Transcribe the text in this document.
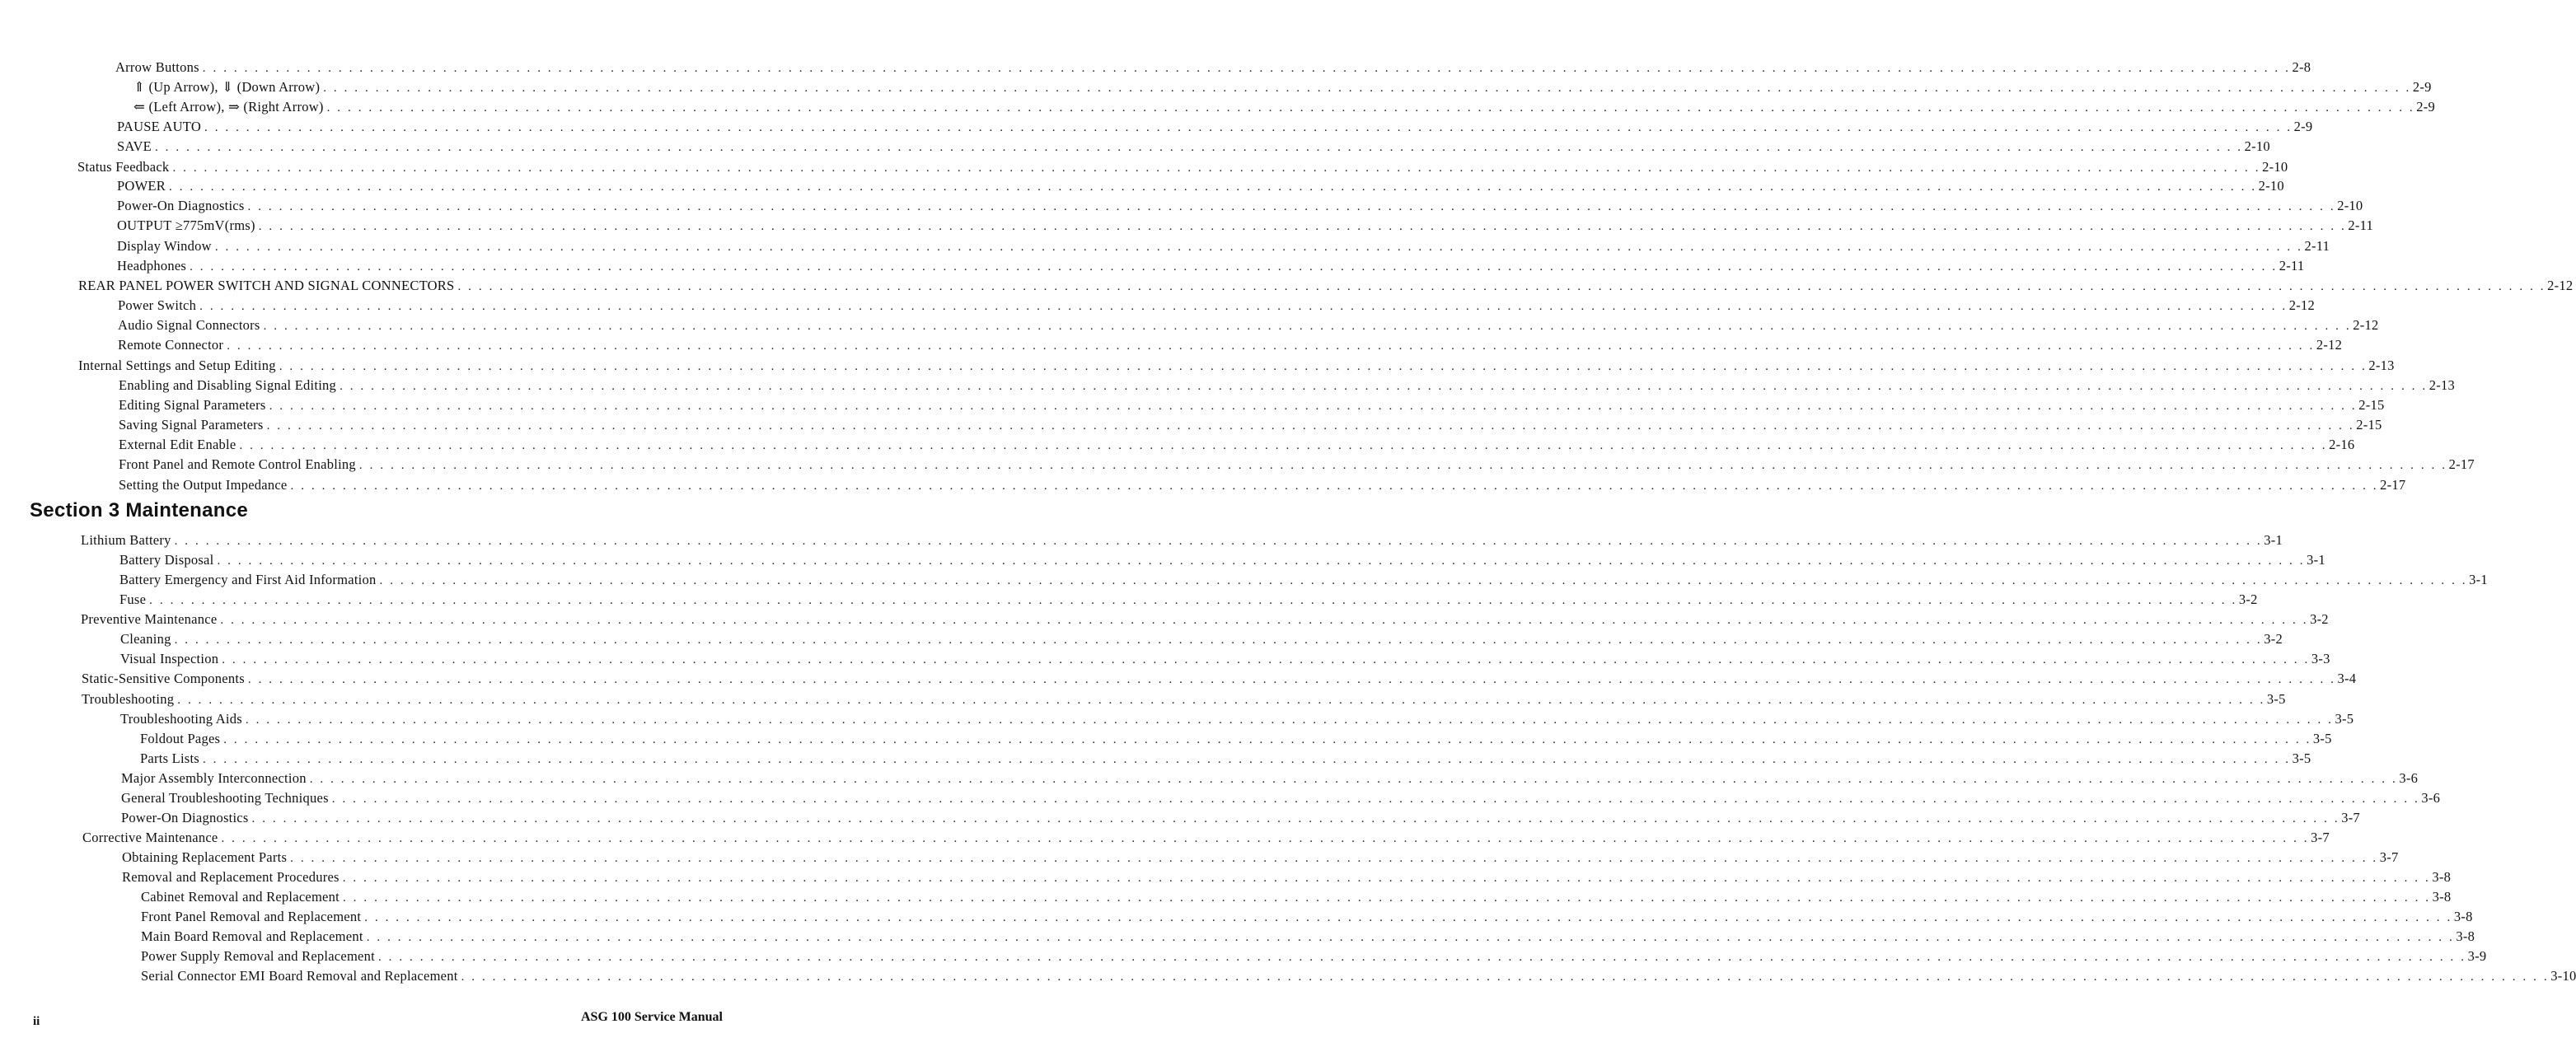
Arrow Buttons . . . . . . . . . . . . . . . . . . . . . . . . . . . . . . . . . . . . . . . . . . . . . . . . . . . . . . . . . . . . . . . . . . . . . . . . . . . . . . . . . . . . . . . . . . . . . . . . . . . . . . . . . . . . . . . . . . . . . . . . . . . . . . . . . . . . . . . . . . . . . . . . . . . . . . . . . . . . . . . . . . . . . . . . . . . . . . . . . . . . . . . . . . . . . . . . . . . . . . . . 2-8
⇑ (Up Arrow), ⇓ (Down Arrow) . . . . . . . . . . . . . . . . . . . . . . . . . . . . . . . . . . . . . . . . . . . . . . . . . . . . . . . . . . . . . . . . . . . . . . . . . . . . . . . . . . . . . . . . . . . . . . . . . . . . . . . . . . . . . . . . . . . . . . . . . . . . . . . . . . . . . . . . . . . . . . . . . . . . . . . . . . . . . . . . . . . . . . . . . . . . . . . . . . . . . . . . . . . . . . . . . . . . . . . . 2-9
⇐ (Left Arrow), ⇒ (Right Arrow) . . . . . . . . . . . . . . . . . . . . . . . . . . . . . . . . . . . . . . . . . . . . . . . . . . . . . . . . . . . . . . . . . . . . . . . . . . . . . . . . . . . . . . . . . . . . . . . . . . . . . . . . . . . . . . . . . . . . . . . . . . . . . . . . . . . . . . . . . . . . . . . . . . . . . . . . . . . . . . . . . . . . . . . . . . . . . . . . . . . . . . . . . . . . . . . . . . . . . . . . 2-9
PAUSE AUTO . . . . . . . . . . . . . . . . . . . . . . . . . . . . . . . . . . . . . . . . . . . . . . . . . . . . . . . . . . . . . . . . . . . . . . . . . . . . . . . . . . . . . . . . . . . . . . . . . . . . . . . . . . . . . . . . . . . . . . . . . . . . . . . . . . . . . . . . . . . . . . . . . . . . . . . . . . . . . . . . . . . . . . . . . . . . . . . . . . . . . . . . . . . . . . . . . . . . . . . . 2-9
SAVE . . . . . . . . . . . . . . . . . . . . . . . . . . . . . . . . . . . . . . . . . . . . . . . . . . . . . . . . . . . . . . . . . . . . . . . . . . . . . . . . . . . . . . . . . . . . . . . . . . . . . . . . . . . . . . . . . . . . . . . . . . . . . . . . . . . . . . . . . . . . . . . . . . . . . . . . . . . . . . . . . . . . . . . . . . . . . . . . . . . . . . . . . . . . . . . . . . . . . . . . 2-10
Status Feedback . . . . . . . . . . . . . . . . . . . . . . . . . . . . . . . . . . . . . . . . . . . . . . . . . . . . . . . . . . . . . . . . . . . . . . . . . . . . . . . . . . . . . . . . . . . . . . . . . . . . . . . . . . . . . . . . . . . . . . . . . . . . . . . . . . . . . . . . . . . . . . . . . . . . . . . . . . . . . . . . . . . . . . . . . . . . . . . . . . . . . . . . . . . . . . . . . . . . . . . . 2-10
POWER . . . . . . . . . . . . . . . . . . . . . . . . . . . . . . . . . . . . . . . . . . . . . . . . . . . . . . . . . . . . . . . . . . . . . . . . . . . . . . . . . . . . . . . . . . . . . . . . . . . . . . . . . . . . . . . . . . . . . . . . . . . . . . . . . . . . . . . . . . . . . . . . . . . . . . . . . . . . . . . . . . . . . . . . . . . . . . . . . . . . . . . . . . . . . . . . . . . . . . . . 2-10
Power-On Diagnostics . . . . . . . . . . . . . . . . . . . . . . . . . . . . . . . . . . . . . . . . . . . . . . . . . . . . . . . . . . . . . . . . . . . . . . . . . . . . . . . . . . . . . . . . . . . . . . . . . . . . . . . . . . . . . . . . . . . . . . . . . . . . . . . . . . . . . . . . . . . . . . . . . . . . . . . . . . . . . . . . . . . . . . . . . . . . . . . . . . . . . . . . . . . . . . . . . . . . . . . . 2-10
OUTPUT ≥775mV(rms) . . . . . . . . . . . . . . . . . . . . . . . . . . . . . . . . . . . . . . . . . . . . . . . . . . . . . . . . . . . . . . . . . . . . . . . . . . . . . . . . . . . . . . . . . . . . . . . . . . . . . . . . . . . . . . . . . . . . . . . . . . . . . . . . . . . . . . . . . . . . . . . . . . . . . . . . . . . . . . . . . . . . . . . . . . . . . . . . . . . . . . . . . . . . . . . . . . . . . . . . 2-11
Display Window . . . . . . . . . . . . . . . . . . . . . . . . . . . . . . . . . . . . . . . . . . . . . . . . . . . . . . . . . . . . . . . . . . . . . . . . . . . . . . . . . . . . . . . . . . . . . . . . . . . . . . . . . . . . . . . . . . . . . . . . . . . . . . . . . . . . . . . . . . . . . . . . . . . . . . . . . . . . . . . . . . . . . . . . . . . . . . . . . . . . . . . . . . . . . . . . . . . . . . . . 2-11
Headphones . . . . . . . . . . . . . . . . . . . . . . . . . . . . . . . . . . . . . . . . . . . . . . . . . . . . . . . . . . . . . . . . . . . . . . . . . . . . . . . . . . . . . . . . . . . . . . . . . . . . . . . . . . . . . . . . . . . . . . . . . . . . . . . . . . . . . . . . . . . . . . . . . . . . . . . . . . . . . . . . . . . . . . . . . . . . . . . . . . . . . . . . . . . . . . . . . . . . . . . . 2-11
REAR PANEL POWER SWITCH AND SIGNAL CONNECTORS . . . . . . . . . . . . . . . . . . . . . . . . . . . . . . . . . . . . . . . . . . . . . . . . . . . . . . . . . . . . . . . . . . . . . . . . . . . . . . . . . . . . . . . . . . . . . . . . . . . . . . . . . . . . . . . . . . . . . . . . . . . . . . . . . . . . . . . . . . . . . . . . . . . . . . . . . . . . . . . . . . . . . . . . . . . . . . . . . . . . . . . . . . . . . . . . . . . . . . . . 2-12
Power Switch . . . . . . . . . . . . . . . . . . . . . . . . . . . . . . . . . . . . . . . . . . . . . . . . . . . . . . . . . . . . . . . . . . . . . . . . . . . . . . . . . . . . . . . . . . . . . . . . . . . . . . . . . . . . . . . . . . . . . . . . . . . . . . . . . . . . . . . . . . . . . . . . . . . . . . . . . . . . . . . . . . . . . . . . . . . . . . . . . . . . . . . . . . . . . . . . . . . . . . . . 2-12
Audio Signal Connectors . . . . . . . . . . . . . . . . . . . . . . . . . . . . . . . . . . . . . . . . . . . . . . . . . . . . . . . . . . . . . . . . . . . . . . . . . . . . . . . . . . . . . . . . . . . . . . . . . . . . . . . . . . . . . . . . . . . . . . . . . . . . . . . . . . . . . . . . . . . . . . . . . . . . . . . . . . . . . . . . . . . . . . . . . . . . . . . . . . . . . . . . . . . . . . . . . . . . . . . . 2-12
Remote Connector . . . . . . . . . . . . . . . . . . . . . . . . . . . . . . . . . . . . . . . . . . . . . . . . . . . . . . . . . . . . . . . . . . . . . . . . . . . . . . . . . . . . . . . . . . . . . . . . . . . . . . . . . . . . . . . . . . . . . . . . . . . . . . . . . . . . . . . . . . . . . . . . . . . . . . . . . . . . . . . . . . . . . . . . . . . . . . . . . . . . . . . . . . . . . . . . . . . . . . . . 2-12
Internal Settings and Setup Editing . . . . . . . . . . . . . . . . . . . . . . . . . . . . . . . . . . . . . . . . . . . . . . . . . . . . . . . . . . . . . . . . . . . . . . . . . . . . . . . . . . . . . . . . . . . . . . . . . . . . . . . . . . . . . . . . . . . . . . . . . . . . . . . . . . . . . . . . . . . . . . . . . . . . . . . . . . . . . . . . . . . . . . . . . . . . . . . . . . . . . . . . . . . . . . . . . . . . . . . . 2-13
Enabling and Disabling Signal Editing . . . . . . . . . . . . . . . . . . . . . . . . . . . . . . . . . . . . . . . . . . . . . . . . . . . . . . . . . . . . . . . . . . . . . . . . . . . . . . . . . . . . . . . . . . . . . . . . . . . . . . . . . . . . . . . . . . . . . . . . . . . . . . . . . . . . . . . . . . . . . . . . . . . . . . . . . . . . . . . . . . . . . . . . . . . . . . . . . . . . . . . . . . . . . . . . . . . . . . . . 2-13
Editing Signal Parameters . . . . . . . . . . . . . . . . . . . . . . . . . . . . . . . . . . . . . . . . . . . . . . . . . . . . . . . . . . . . . . . . . . . . . . . . . . . . . . . . . . . . . . . . . . . . . . . . . . . . . . . . . . . . . . . . . . . . . . . . . . . . . . . . . . . . . . . . . . . . . . . . . . . . . . . . . . . . . . . . . . . . . . . . . . . . . . . . . . . . . . . . . . . . . . . . . . . . . . . . 2-15
Saving Signal Parameters . . . . . . . . . . . . . . . . . . . . . . . . . . . . . . . . . . . . . . . . . . . . . . . . . . . . . . . . . . . . . . . . . . . . . . . . . . . . . . . . . . . . . . . . . . . . . . . . . . . . . . . . . . . . . . . . . . . . . . . . . . . . . . . . . . . . . . . . . . . . . . . . . . . . . . . . . . . . . . . . . . . . . . . . . . . . . . . . . . . . . . . . . . . . . . . . . . . . . . . . 2-15
External Edit Enable . . . . . . . . . . . . . . . . . . . . . . . . . . . . . . . . . . . . . . . . . . . . . . . . . . . . . . . . . . . . . . . . . . . . . . . . . . . . . . . . . . . . . . . . . . . . . . . . . . . . . . . . . . . . . . . . . . . . . . . . . . . . . . . . . . . . . . . . . . . . . . . . . . . . . . . . . . . . . . . . . . . . . . . . . . . . . . . . . . . . . . . . . . . . . . . . . . . . . . . . 2-16
Front Panel and Remote Control Enabling . . . . . . . . . . . . . . . . . . . . . . . . . . . . . . . . . . . . . . . . . . . . . . . . . . . . . . . . . . . . . . . . . . . . . . . . . . . . . . . . . . . . . . . . . . . . . . . . . . . . . . . . . . . . . . . . . . . . . . . . . . . . . . . . . . . . . . . . . . . . . . . . . . . . . . . . . . . . . . . . . . . . . . . . . . . . . . . . . . . . . . . . . . . . . . . . . . . . . . . . 2-17
Setting the Output Impedance . . . . . . . . . . . . . . . . . . . . . . . . . . . . . . . . . . . . . . . . . . . . . . . . . . . . . . . . . . . . . . . . . . . . . . . . . . . . . . . . . . . . . . . . . . . . . . . . . . . . . . . . . . . . . . . . . . . . . . . . . . . . . . . . . . . . . . . . . . . . . . . . . . . . . . . . . . . . . . . . . . . . . . . . . . . . . . . . . . . . . . . . . . . . . . . . . . . . . . . . 2-17
Section 3 Maintenance
Lithium Battery . . . . . . . . . . . . . . . . . . . . . . . . . . . . . . . . . . . . . . . . . . . . . . . . . . . . . . . . . . . . . . . . . . . . . . . . . . . . . . . . . . . . . . . . . . . . . . . . . . . . . . . . . . . . . . . . . . . . . . . . . . . . . . . . . . . . . . . . . . . . . . . . . . . . . . . . . . . . . . . . . . . . . . . . . . . . . . . . . . . . . . . . . . . . . . . . . . . . . . . . 3-1
Battery Disposal . . . . . . . . . . . . . . . . . . . . . . . . . . . . . . . . . . . . . . . . . . . . . . . . . . . . . . . . . . . . . . . . . . . . . . . . . . . . . . . . . . . . . . . . . . . . . . . . . . . . . . . . . . . . . . . . . . . . . . . . . . . . . . . . . . . . . . . . . . . . . . . . . . . . . . . . . . . . . . . . . . . . . . . . . . . . . . . . . . . . . . . . . . . . . . . . . . . . . . . . 3-1
Battery Emergency and First Aid Information . . . . . . . . . . . . . . . . . . . . . . . . . . . . . . . . . . . . . . . . . . . . . . . . . . . . . . . . . . . . . . . . . . . . . . . . . . . . . . . . . . . . . . . . . . . . . . . . . . . . . . . . . . . . . . . . . . . . . . . . . . . . . . . . . . . . . . . . . . . . . . . . . . . . . . . . . . . . . . . . . . . . . . . . . . . . . . . . . . . . . . . . . . . . . . . . . . . . . . . . 3-1
Fuse . . . . . . . . . . . . . . . . . . . . . . . . . . . . . . . . . . . . . . . . . . . . . . . . . . . . . . . . . . . . . . . . . . . . . . . . . . . . . . . . . . . . . . . . . . . . . . . . . . . . . . . . . . . . . . . . . . . . . . . . . . . . . . . . . . . . . . . . . . . . . . . . . . . . . . . . . . . . . . . . . . . . . . . . . . . . . . . . . . . . . . . . . . . . . . . . . . . . . . . . 3-2
Preventive Maintenance . . . . . . . . . . . . . . . . . . . . . . . . . . . . . . . . . . . . . . . . . . . . . . . . . . . . . . . . . . . . . . . . . . . . . . . . . . . . . . . . . . . . . . . . . . . . . . . . . . . . . . . . . . . . . . . . . . . . . . . . . . . . . . . . . . . . . . . . . . . . . . . . . . . . . . . . . . . . . . . . . . . . . . . . . . . . . . . . . . . . . . . . . . . . . . . . . . . . . . . . 3-2
Cleaning . . . . . . . . . . . . . . . . . . . . . . . . . . . . . . . . . . . . . . . . . . . . . . . . . . . . . . . . . . . . . . . . . . . . . . . . . . . . . . . . . . . . . . . . . . . . . . . . . . . . . . . . . . . . . . . . . . . . . . . . . . . . . . . . . . . . . . . . . . . . . . . . . . . . . . . . . . . . . . . . . . . . . . . . . . . . . . . . . . . . . . . . . . . . . . . . . . . . . . . . 3-2
Visual Inspection . . . . . . . . . . . . . . . . . . . . . . . . . . . . . . . . . . . . . . . . . . . . . . . . . . . . . . . . . . . . . . . . . . . . . . . . . . . . . . . . . . . . . . . . . . . . . . . . . . . . . . . . . . . . . . . . . . . . . . . . . . . . . . . . . . . . . . . . . . . . . . . . . . . . . . . . . . . . . . . . . . . . . . . . . . . . . . . . . . . . . . . . . . . . . . . . . . . . . . . . 3-3
Static-Sensitive Components . . . . . . . . . . . . . . . . . . . . . . . . . . . . . . . . . . . . . . . . . . . . . . . . . . . . . . . . . . . . . . . . . . . . . . . . . . . . . . . . . . . . . . . . . . . . . . . . . . . . . . . . . . . . . . . . . . . . . . . . . . . . . . . . . . . . . . . . . . . . . . . . . . . . . . . . . . . . . . . . . . . . . . . . . . . . . . . . . . . . . . . . . . . . . . . . . . . . . . . . 3-4
Troubleshooting . . . . . . . . . . . . . . . . . . . . . . . . . . . . . . . . . . . . . . . . . . . . . . . . . . . . . . . . . . . . . . . . . . . . . . . . . . . . . . . . . . . . . . . . . . . . . . . . . . . . . . . . . . . . . . . . . . . . . . . . . . . . . . . . . . . . . . . . . . . . . . . . . . . . . . . . . . . . . . . . . . . . . . . . . . . . . . . . . . . . . . . . . . . . . . . . . . . . . . . . 3-5
Troubleshooting Aids . . . . . . . . . . . . . . . . . . . . . . . . . . . . . . . . . . . . . . . . . . . . . . . . . . . . . . . . . . . . . . . . . . . . . . . . . . . . . . . . . . . . . . . . . . . . . . . . . . . . . . . . . . . . . . . . . . . . . . . . . . . . . . . . . . . . . . . . . . . . . . . . . . . . . . . . . . . . . . . . . . . . . . . . . . . . . . . . . . . . . . . . . . . . . . . . . . . . . . . . 3-5
Foldout Pages . . . . . . . . . . . . . . . . . . . . . . . . . . . . . . . . . . . . . . . . . . . . . . . . . . . . . . . . . . . . . . . . . . . . . . . . . . . . . . . . . . . . . . . . . . . . . . . . . . . . . . . . . . . . . . . . . . . . . . . . . . . . . . . . . . . . . . . . . . . . . . . . . . . . . . . . . . . . . . . . . . . . . . . . . . . . . . . . . . . . . . . . . . . . . . . . . . . . . . . . 3-5
Parts Lists . . . . . . . . . . . . . . . . . . . . . . . . . . . . . . . . . . . . . . . . . . . . . . . . . . . . . . . . . . . . . . . . . . . . . . . . . . . . . . . . . . . . . . . . . . . . . . . . . . . . . . . . . . . . . . . . . . . . . . . . . . . . . . . . . . . . . . . . . . . . . . . . . . . . . . . . . . . . . . . . . . . . . . . . . . . . . . . . . . . . . . . . . . . . . . . . . . . . . . . . 3-5
Major Assembly Interconnection . . . . . . . . . . . . . . . . . . . . . . . . . . . . . . . . . . . . . . . . . . . . . . . . . . . . . . . . . . . . . . . . . . . . . . . . . . . . . . . . . . . . . . . . . . . . . . . . . . . . . . . . . . . . . . . . . . . . . . . . . . . . . . . . . . . . . . . . . . . . . . . . . . . . . . . . . . . . . . . . . . . . . . . . . . . . . . . . . . . . . . . . . . . . . . . . . . . . . . . . 3-6
General Troubleshooting Techniques . . . . . . . . . . . . . . . . . . . . . . . . . . . . . . . . . . . . . . . . . . . . . . . . . . . . . . . . . . . . . . . . . . . . . . . . . . . . . . . . . . . . . . . . . . . . . . . . . . . . . . . . . . . . . . . . . . . . . . . . . . . . . . . . . . . . . . . . . . . . . . . . . . . . . . . . . . . . . . . . . . . . . . . . . . . . . . . . . . . . . . . . . . . . . . . . . . . . . . . . 3-6
Power-On Diagnostics . . . . . . . . . . . . . . . . . . . . . . . . . . . . . . . . . . . . . . . . . . . . . . . . . . . . . . . . . . . . . . . . . . . . . . . . . . . . . . . . . . . . . . . . . . . . . . . . . . . . . . . . . . . . . . . . . . . . . . . . . . . . . . . . . . . . . . . . . . . . . . . . . . . . . . . . . . . . . . . . . . . . . . . . . . . . . . . . . . . . . . . . . . . . . . . . . . . . . . . . 3-7
Corrective Maintenance . . . . . . . . . . . . . . . . . . . . . . . . . . . . . . . . . . . . . . . . . . . . . . . . . . . . . . . . . . . . . . . . . . . . . . . . . . . . . . . . . . . . . . . . . . . . . . . . . . . . . . . . . . . . . . . . . . . . . . . . . . . . . . . . . . . . . . . . . . . . . . . . . . . . . . . . . . . . . . . . . . . . . . . . . . . . . . . . . . . . . . . . . . . . . . . . . . . . . . . . 3-7
Obtaining Replacement Parts . . . . . . . . . . . . . . . . . . . . . . . . . . . . . . . . . . . . . . . . . . . . . . . . . . . . . . . . . . . . . . . . . . . . . . . . . . . . . . . . . . . . . . . . . . . . . . . . . . . . . . . . . . . . . . . . . . . . . . . . . . . . . . . . . . . . . . . . . . . . . . . . . . . . . . . . . . . . . . . . . . . . . . . . . . . . . . . . . . . . . . . . . . . . . . . . . . . . . . . . 3-7
Removal and Replacement Procedures . . . . . . . . . . . . . . . . . . . . . . . . . . . . . . . . . . . . . . . . . . . . . . . . . . . . . . . . . . . . . . . . . . . . . . . . . . . . . . . . . . . . . . . . . . . . . . . . . . . . . . . . . . . . . . . . . . . . . . . . . . . . . . . . . . . . . . . . . . . . . . . . . . . . . . . . . . . . . . . . . . . . . . . . . . . . . . . . . . . . . . . . . . . . . . . . . . . . . . . . 3-8
Cabinet Removal and Replacement . . . . . . . . . . . . . . . . . . . . . . . . . . . . . . . . . . . . . . . . . . . . . . . . . . . . . . . . . . . . . . . . . . . . . . . . . . . . . . . . . . . . . . . . . . . . . . . . . . . . . . . . . . . . . . . . . . . . . . . . . . . . . . . . . . . . . . . . . . . . . . . . . . . . . . . . . . . . . . . . . . . . . . . . . . . . . . . . . . . . . . . . . . . . . . . . . . . . . . . . 3-8
Front Panel Removal and Replacement . . . . . . . . . . . . . . . . . . . . . . . . . . . . . . . . . . . . . . . . . . . . . . . . . . . . . . . . . . . . . . . . . . . . . . . . . . . . . . . . . . . . . . . . . . . . . . . . . . . . . . . . . . . . . . . . . . . . . . . . . . . . . . . . . . . . . . . . . . . . . . . . . . . . . . . . . . . . . . . . . . . . . . . . . . . . . . . . . . . . . . . . . . . . . . . . . . . . . . . . 3-8
Main Board Removal and Replacement . . . . . . . . . . . . . . . . . . . . . . . . . . . . . . . . . . . . . . . . . . . . . . . . . . . . . . . . . . . . . . . . . . . . . . . . . . . . . . . . . . . . . . . . . . . . . . . . . . . . . . . . . . . . . . . . . . . . . . . . . . . . . . . . . . . . . . . . . . . . . . . . . . . . . . . . . . . . . . . . . . . . . . . . . . . . . . . . . . . . . . . . . . . . . . . . . . . . . . . . 3-8
Power Supply Removal and Replacement . . . . . . . . . . . . . . . . . . . . . . . . . . . . . . . . . . . . . . . . . . . . . . . . . . . . . . . . . . . . . . . . . . . . . . . . . . . . . . . . . . . . . . . . . . . . . . . . . . . . . . . . . . . . . . . . . . . . . . . . . . . . . . . . . . . . . . . . . . . . . . . . . . . . . . . . . . . . . . . . . . . . . . . . . . . . . . . . . . . . . . . . . . . . . . . . . . . . . . . . 3-9
Serial Connector EMI Board Removal and Replacement . . . . . . . . . . . . . . . . . . . . . . . . . . . . . . . . . . . . . . . . . . . . . . . . . . . . . . . . . . . . . . . . . . . . . . . . . . . . . . . . . . . . . . . . . . . . . . . . . . . . . . . . . . . . . . . . . . . . . . . . . . . . . . . . . . . . . . . . . . . . . . . . . . . . . . . . . . . . . . . . . . . . . . . . . . . . . . . . . . . . . . . . . . . . . . . . . . . . . . . . 3-10
ii	ASG 100 Service Manual
